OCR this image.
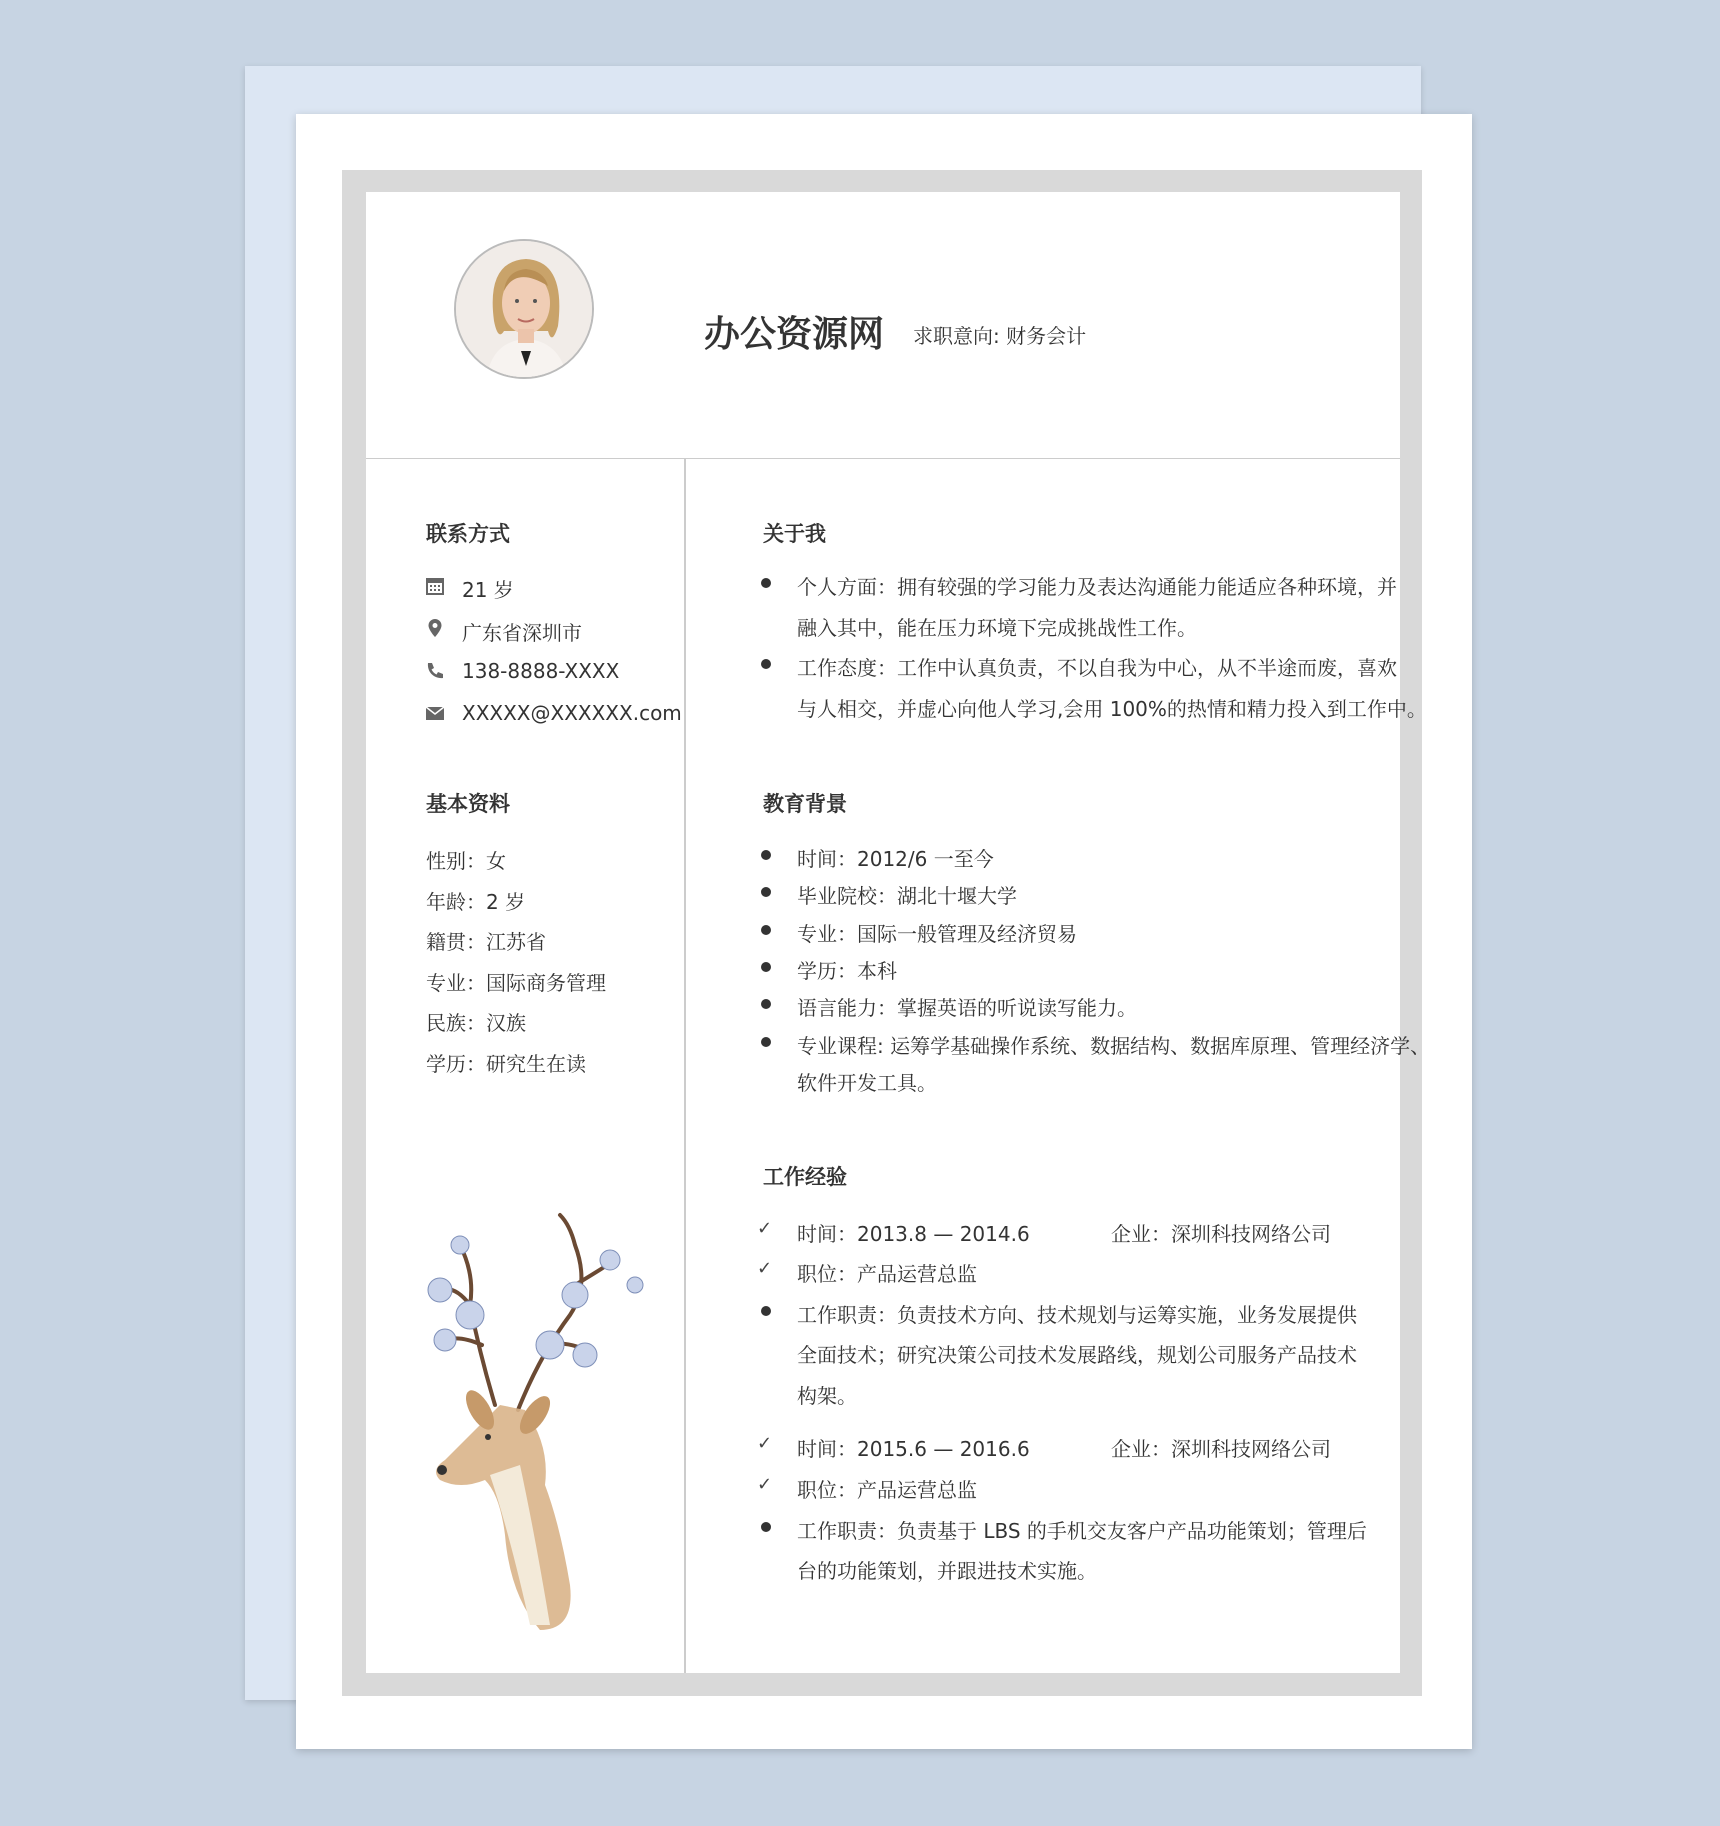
办公资源网 求职意向: 财务会计
联系方式
21 岁
广东省深圳市
138-8888-XXXX
XXXXX@XXXXXX.com
基本资料
性别：女
年龄：2 岁
籍贯：江苏省
专业：国际商务管理
民族：汉族
学历：研究生在读
关于我
个人方面：拥有较强的学习能力及表达沟通能力能适应各种环境，并
融入其中，能在压力环境下完成挑战性工作。
工作态度：工作中认真负责，不以自我为中心，从不半途而废，喜欢
与人相交，并虚心向他人学习,会用 100%的热情和精力投入到工作中。
教育背景
时间：2012/6 一至今
毕业院校：湖北十堰大学
专业：国际一般管理及经济贸易
学历：本科
语言能力：掌握英语的听说读写能力。
专业课程: 运筹学基础操作系统、数据结构、数据库原理、管理经济学、
软件开发工具。
工作经验
✓ 时间：2013.8 — 2014.6	企业：深圳科技网络公司
✓ 职位：产品运营总监
工作职责：负责技术方向、技术规划与运筹实施，业务发展提供
全面技术；研究决策公司技术发展路线，规划公司服务产品技术
构架。
✓ 时间：2015.6 — 2016.6	企业：深圳科技网络公司
✓ 职位：产品运营总监
工作职责：负责基于 LBS 的手机交友客户产品功能策划；管理后
台的功能策划，并跟进技术实施。
